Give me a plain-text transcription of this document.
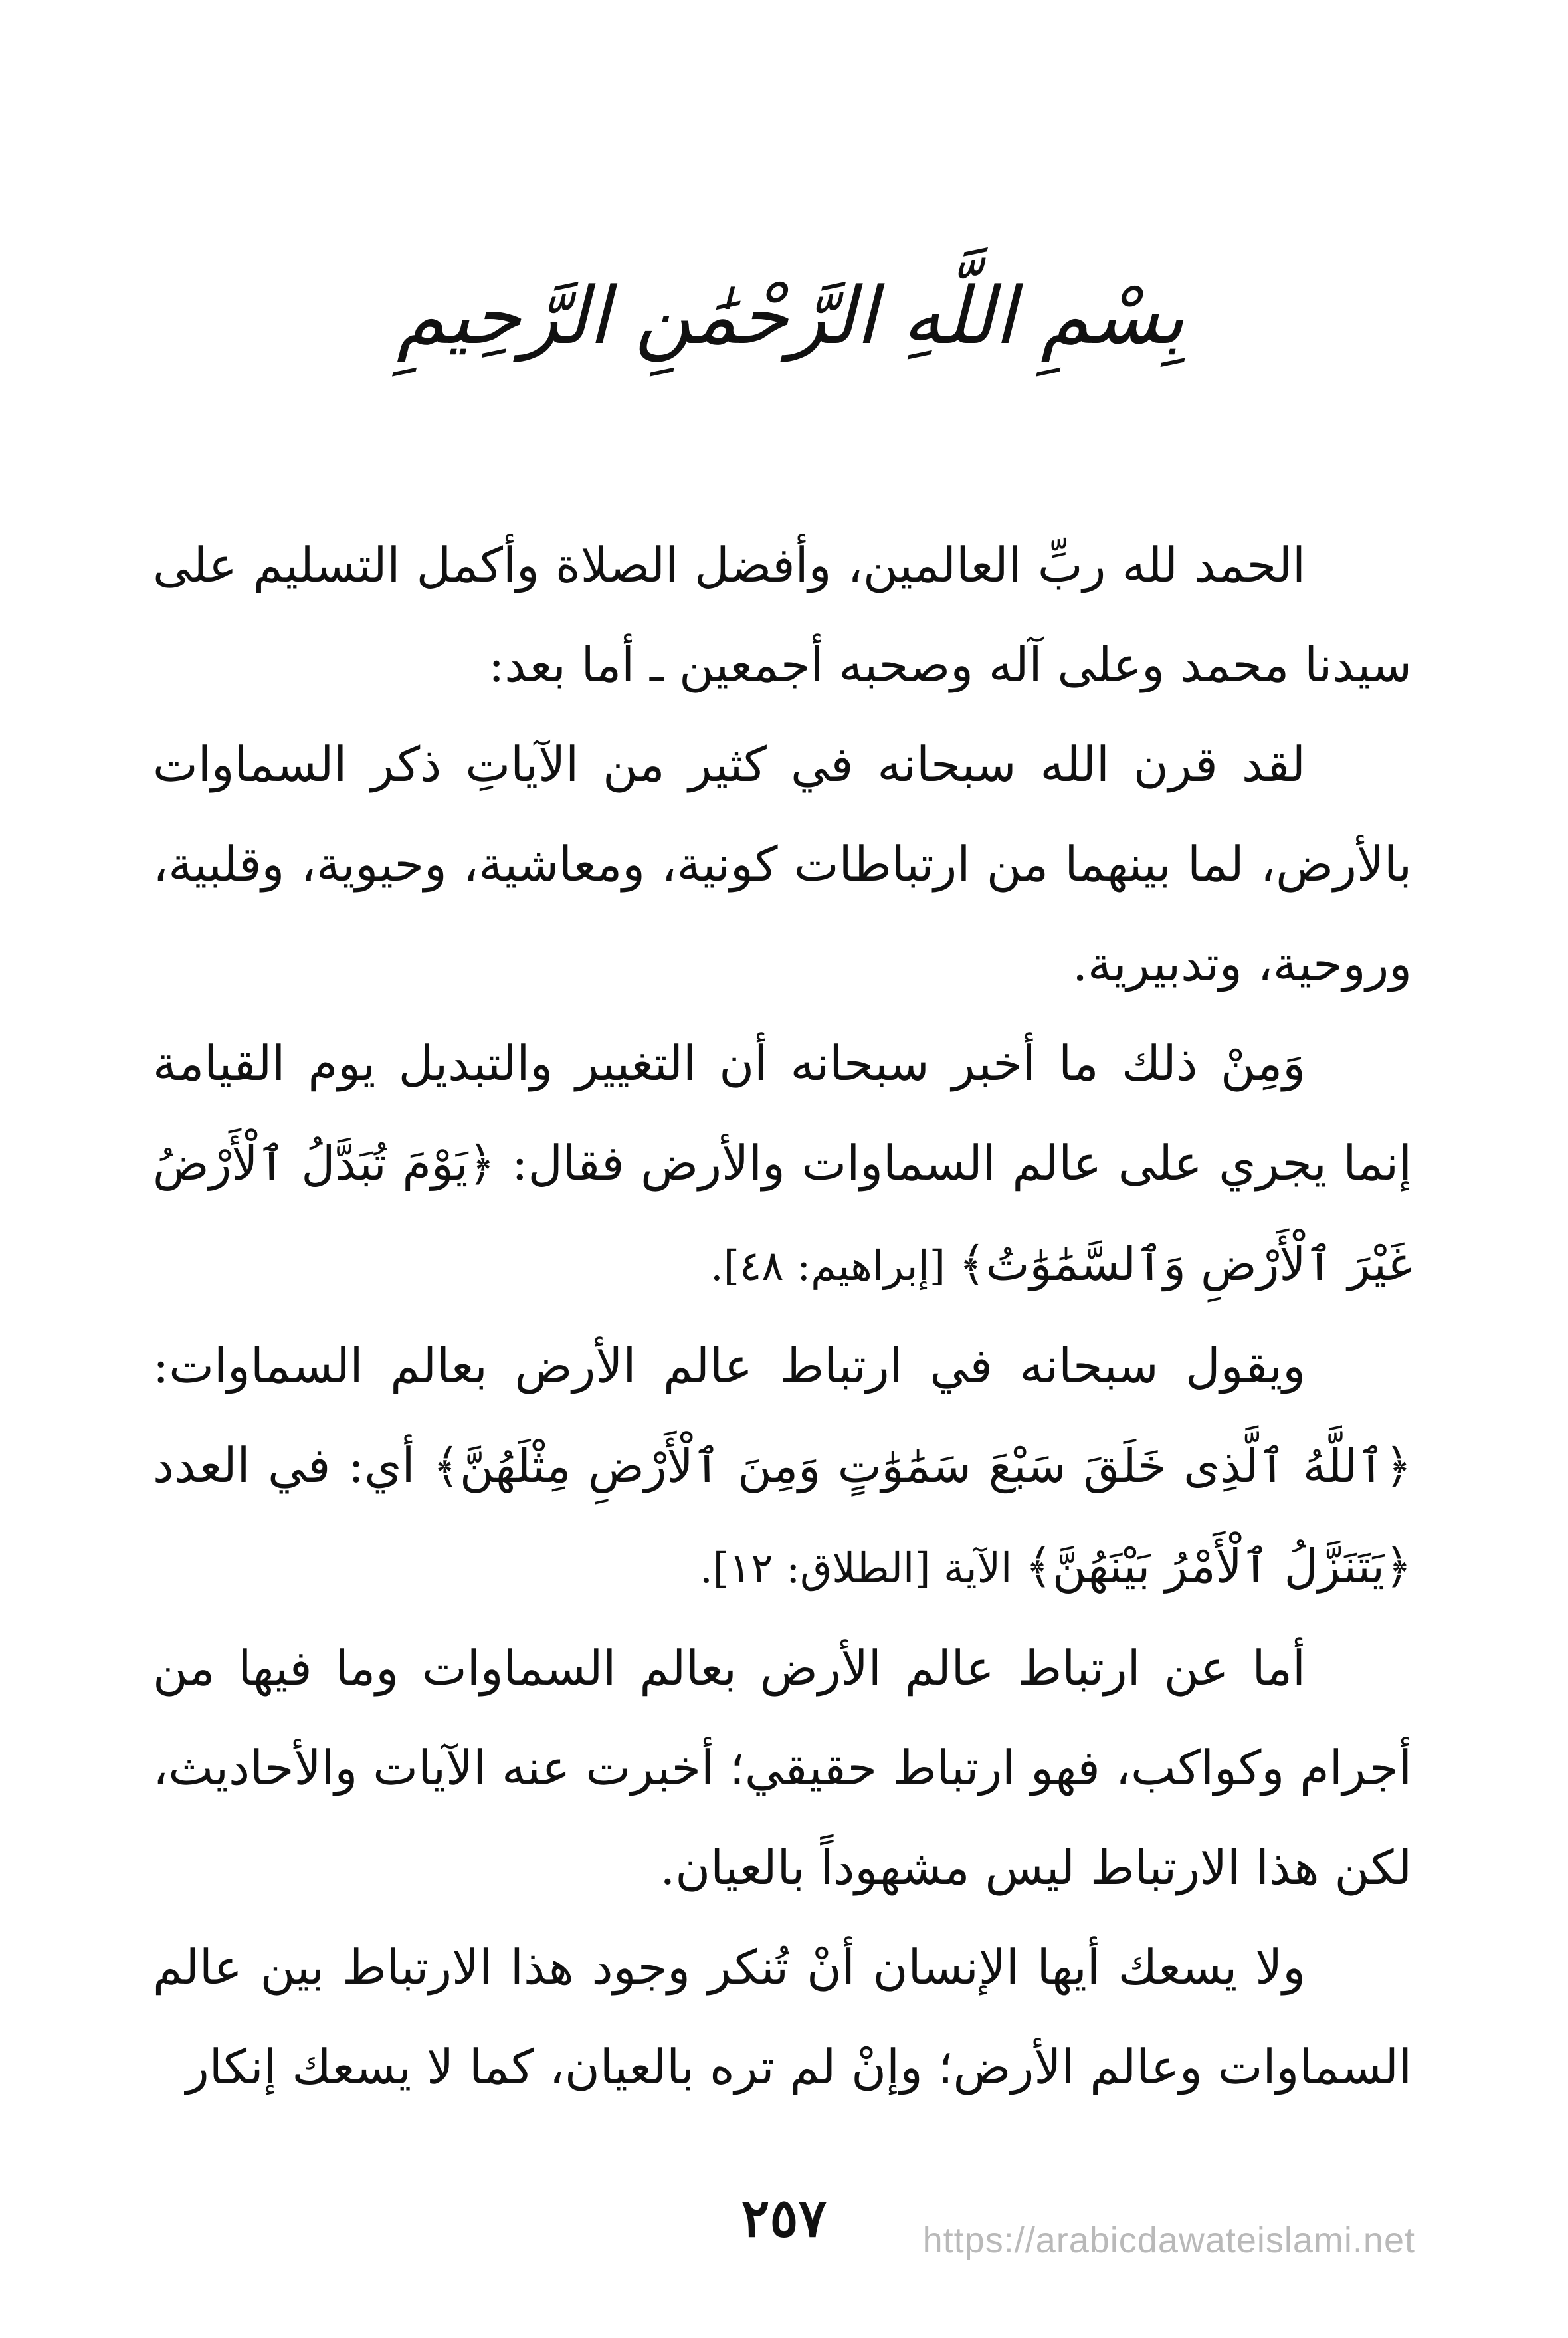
بِسْمِ اللَّهِ الرَّحْمَٰنِ الرَّحِيمِ

الحمد لله ربِّ العالمين، وأفضل الصلاة وأكمل التسليم على سيدنا محمد وعلى آله وصحبه أجمعين ـ أما بعد:

لقد قرن الله سبحانه في كثير من الآياتِ ذكر السماوات بالأرض، لما بينهما من ارتباطات كونية، ومعاشية، وحيوية، وقلبية، وروحية، وتدبيرية.

وَمِنْ ذلك ما أخبر سبحانه أن التغيير والتبديل يوم القيامة إنما يجري على عالم السماوات والأرض فقال: ﴿يَوْمَ تُبَدَّلُ ٱلْأَرْضُ غَيْرَ ٱلْأَرْضِ وَٱلسَّمَٰوَٰتُ﴾ [إبراهيم: ٤٨].

ويقول سبحانه في ارتباط عالم الأرض بعالم السماوات: ﴿ٱللَّهُ ٱلَّذِى خَلَقَ سَبْعَ سَمَٰوَٰتٍ وَمِنَ ٱلْأَرْضِ مِثْلَهُنَّ﴾ أي: في العدد ﴿يَتَنَزَّلُ ٱلْأَمْرُ بَيْنَهُنَّ﴾ الآية [الطلاق: ١٢].

أما عن ارتباط عالم الأرض بعالم السماوات وما فيها من أجرام وكواكب، فهو ارتباط حقيقي؛ أخبرت عنه الآيات والأحاديث، لكن هذا الارتباط ليس مشهوداً بالعيان.

ولا يسعك أيها الإنسان أنْ تُنكر وجود هذا الارتباط بين عالم السماوات وعالم الأرض؛ وإنْ لم تره بالعيان، كما لا يسعك إنكار

٢٥٧	https://arabicdawateislami.net
